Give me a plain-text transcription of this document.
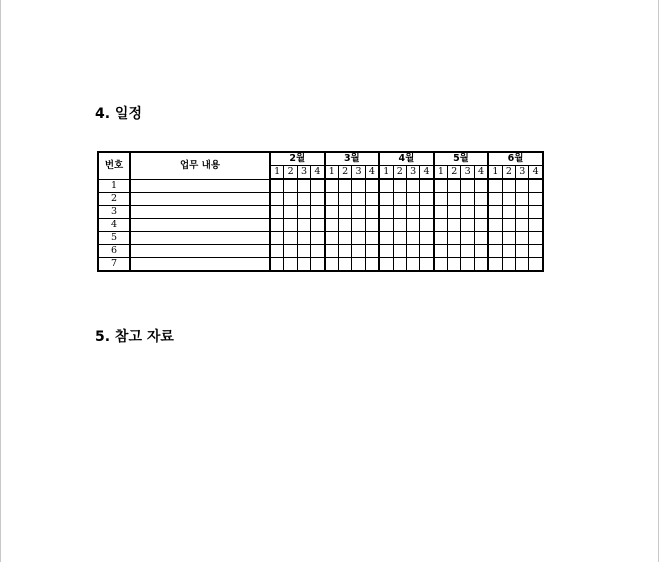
4. 일정
번호	업무 내용	2월				3월				4월				5월				6월			
		1	2	3	4	1	2	3	4	1	2	3	4	1	2	3	4	1	2	3	4
1																					
2																					
3																					
4																					
5																					
6																					
7																					
5. 참고 자료
